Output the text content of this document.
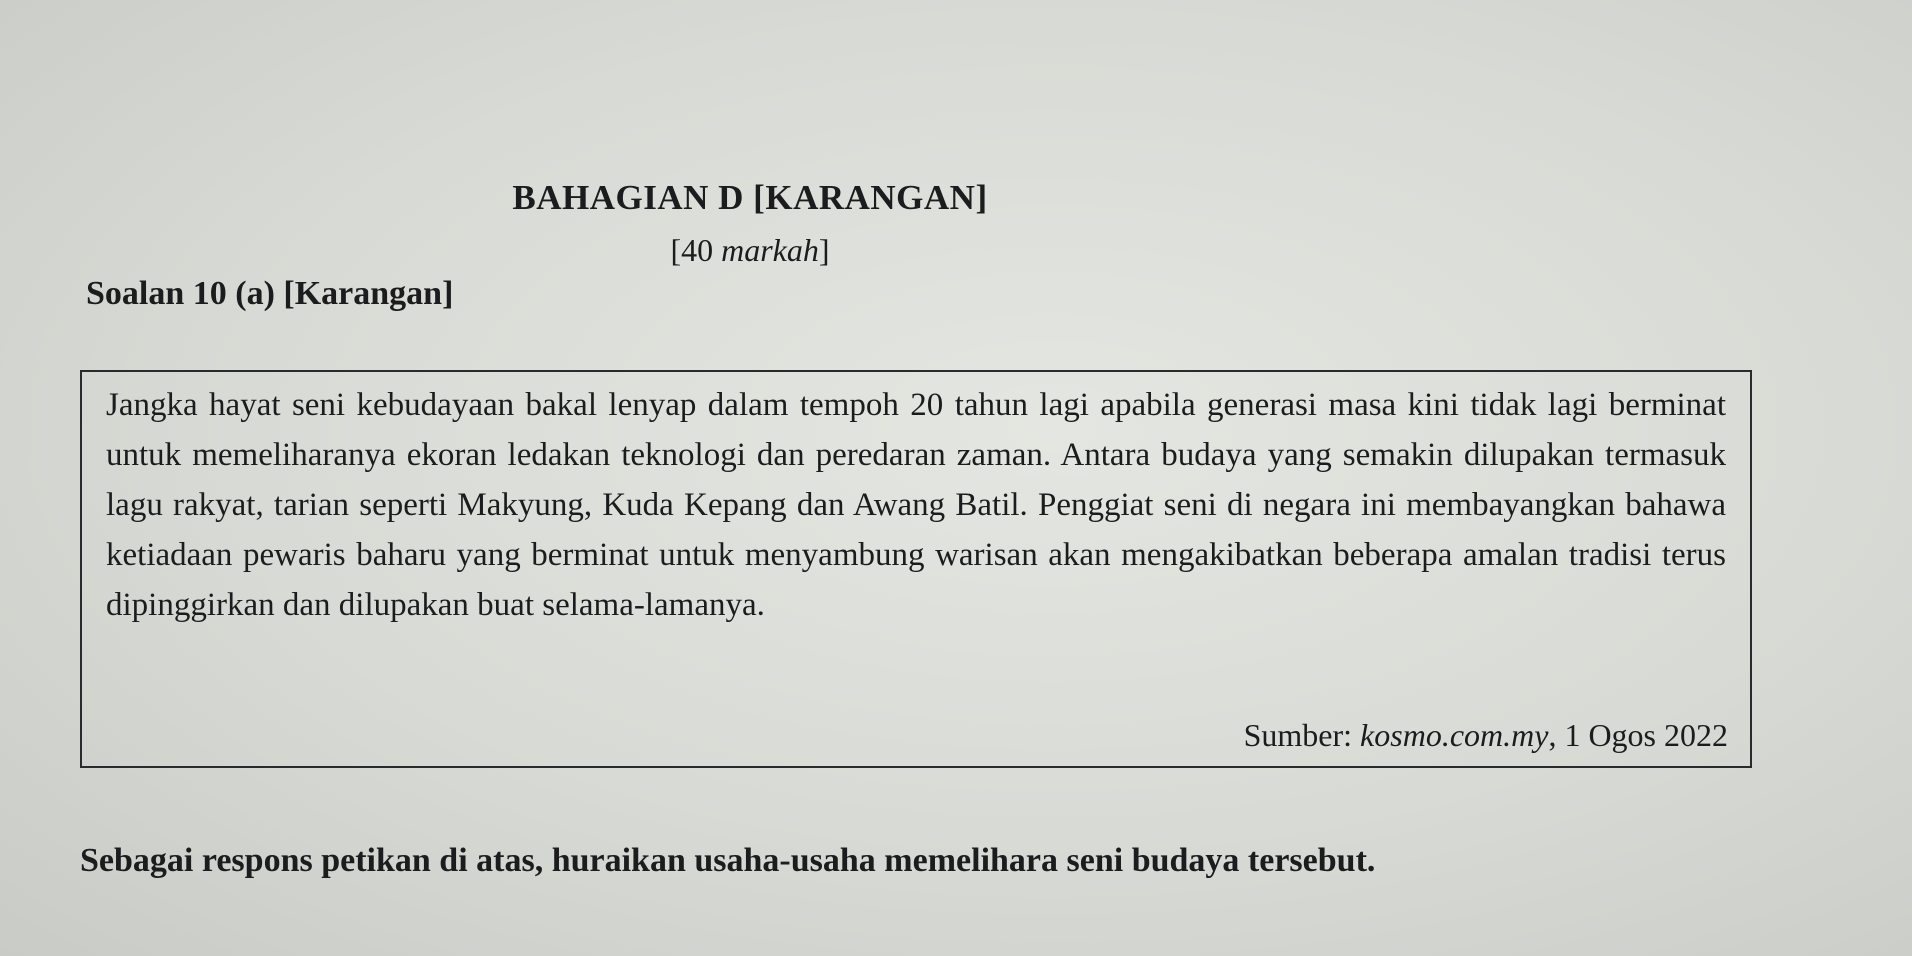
BAHAGIAN D [KARANGAN]
[40 markah]
Soalan 10 (a) [Karangan]
Jangka hayat seni kebudayaan bakal lenyap dalam tempoh 20 tahun lagi apabila generasi masa kini tidak lagi berminat untuk memeliharanya ekoran ledakan teknologi dan peredaran zaman. Antara budaya yang semakin dilupakan termasuk lagu rakyat, tarian seperti Makyung, Kuda Kepang dan Awang Batil. Penggiat seni di negara ini membayangkan bahawa ketiadaan pewaris baharu yang berminat untuk menyambung warisan akan mengakibatkan beberapa amalan tradisi terus dipinggirkan dan dilupakan buat selama-lamanya.
Sumber: kosmo.com.my, 1 Ogos 2022
Sebagai respons petikan di atas, huraikan usaha-usaha memelihara seni budaya tersebut.
